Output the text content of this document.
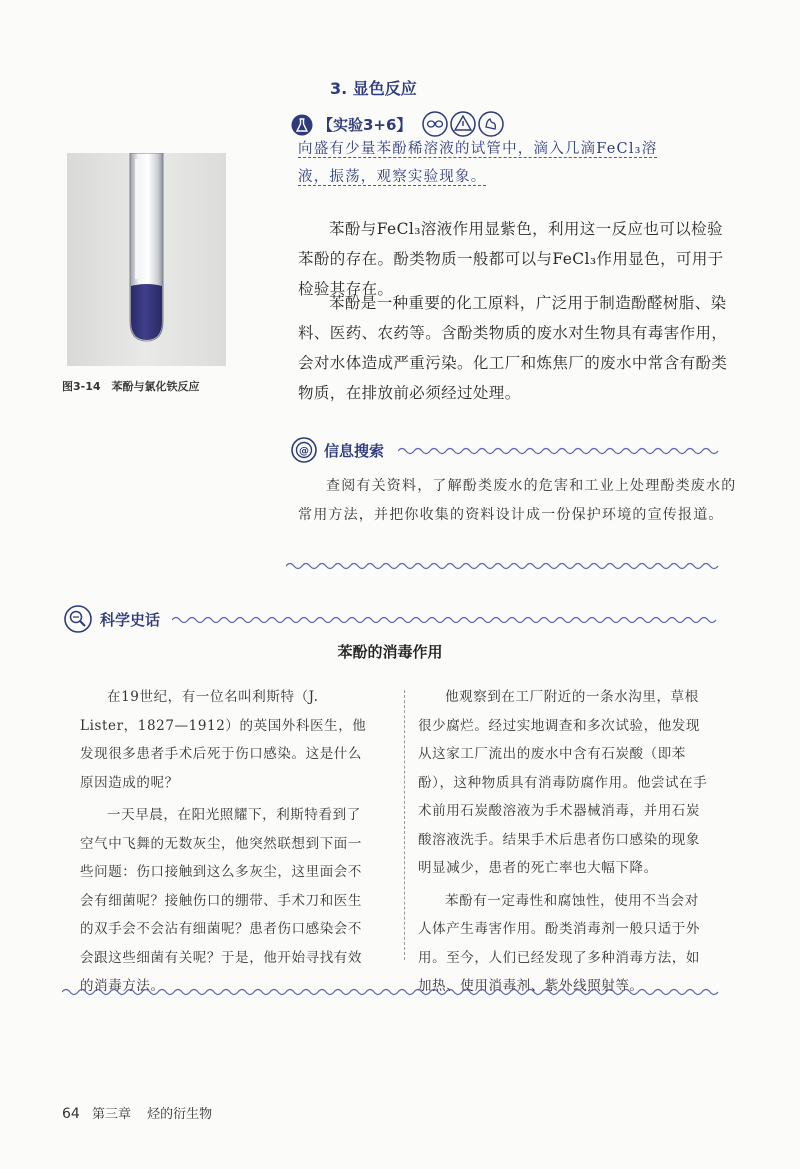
3. 显色反应
【实验3+6】
向盛有少量苯酚稀溶液的试管中，滴入几滴FeCl₃溶
液，振荡，观察实验现象。
图3-14　苯酚与氯化铁反应
苯酚与FeCl₃溶液作用显紫色，利用这一反应也可以检验苯酚的存在。酚类物质一般都可以与FeCl₃作用显色，可用于检验其存在。
苯酚是一种重要的化工原料，广泛用于制造酚醛树脂、染料、医药、农药等。含酚类物质的废水对生物具有毒害作用，会对水体造成严重污染。化工厂和炼焦厂的废水中常含有酚类物质，在排放前必须经过处理。
@ 信息搜索
查阅有关资料，了解酚类废水的危害和工业上处理酚类废水的常用方法，并把你收集的资料设计成一份保护环境的宣传报道。
科学史话
苯酚的消毒作用

在19世纪，有一位名叫利斯特（J. Lister，1827—1912）的英国外科医生，他发现很多患者手术后死于伤口感染。这是什么原因造成的呢？

一天早晨，在阳光照耀下，利斯特看到了空气中飞舞的无数灰尘，他突然联想到下面一些问题：伤口接触到这么多灰尘，这里面会不会有细菌呢？接触伤口的绷带、手术刀和医生的双手会不会沾有细菌呢？患者伤口感染会不会跟这些细菌有关呢？于是，他开始寻找有效的消毒方法。

他观察到在工厂附近的一条水沟里，草根很少腐烂。经过实地调查和多次试验，他发现从这家工厂流出的废水中含有石炭酸（即苯酚），这种物质具有消毒防腐作用。他尝试在手术前用石炭酸溶液为手术器械消毒，并用石炭酸溶液洗手。结果手术后患者伤口感染的现象明显减少，患者的死亡率也大幅下降。

苯酚有一定毒性和腐蚀性，使用不当会对人体产生毒害作用。酚类消毒剂一般只适于外用。至今，人们已经发现了多种消毒方法，如加热、使用消毒剂、紫外线照射等。

64 第三章 烃的衍生物
